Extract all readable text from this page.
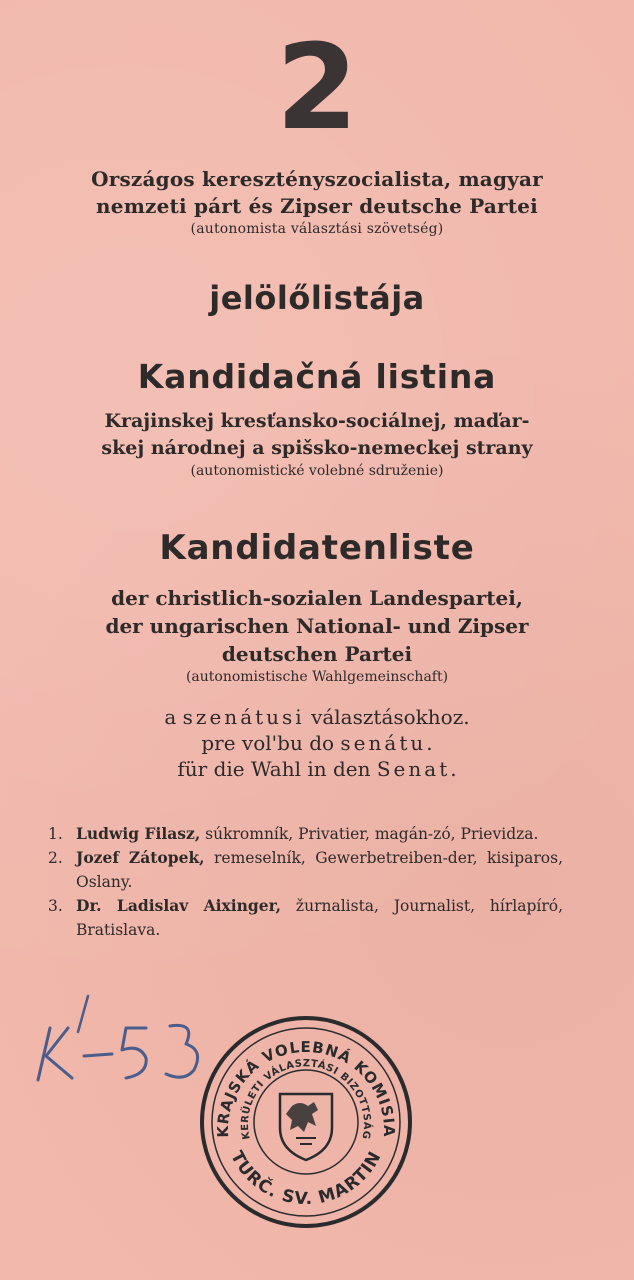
2
Országos keresztényszocialista, magyar
nemzeti párt és Zipser deutsche Partei
(autonomista választási szövetség)
jelölőlistája
Kandidačná listina
Krajinskej kresťansko-sociálnej, maďar-
skej národnej a spišsko-nemeckej strany
(autonomistické volebné sdruženie)
Kandidatenliste
der christlich-sozialen Landespartei,
der ungarischen National- und Zipser
deutschen Partei
(autonomistische Wahlgemeinschaft)
a szenátusi választásokhoz.
pre vol'bu do senátu.
für die Wahl in den Senat.
1. Ludwig Filasz, súkromník, Privatier, magán-zó, Prievidza.
2. Jozef Zátopek, remeselník, Gewerbetreiben-der, kisiparos, Oslany.
3. Dr. Ladislav Aixinger, žurnalista, Journalist, hírlapíró, Bratislava.
KRAJSKÁ VOLEBNÁ KOMISIA
KERÜLETI VÁLASZTÁSI BIZOTTSÁG
TURČ. SV. MARTIN
